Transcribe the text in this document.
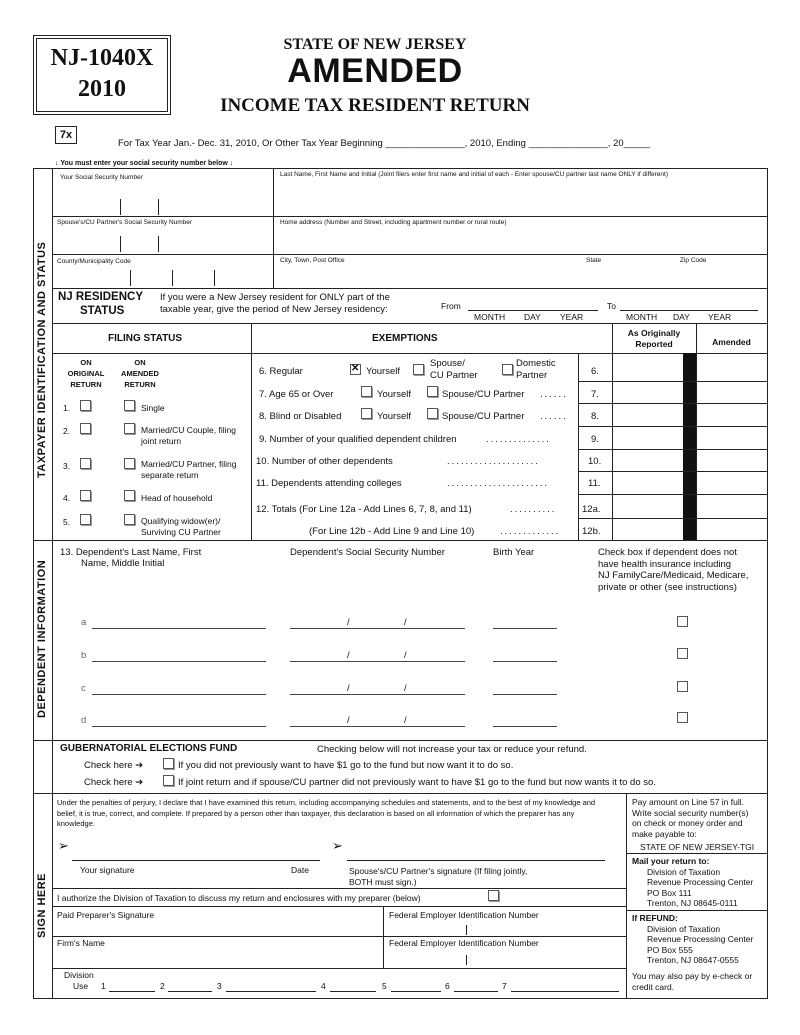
NJ-1040X
2010
STATE OF NEW JERSEY
AMENDED
INCOME TAX RESIDENT RETURN
7x
For Tax Year Jan.- Dec. 31, 2010, Or Other Tax Year Beginning _______________, 2010, Ending _______________, 20_____
↓ You must enter your social security number below ↓
TAXPAYER IDENTIFICATION AND STATUS
Your Social Security Number	Last Name, First Name and Initial (Joint filers enter first name and initial of each - Enter spouse/CU partner last name ONLY if different)
Spouse's/CU Partner's Social Security Number	Home address (Number and Street, including apartment number or rural route)
County/Municipality Code	City, Town, Post Office	State	Zip Code
NJ RESIDENCY
STATUS
If you were a New Jersey resident for ONLY part of the
taxable year, give the period of New Jersey residency:	From
MONTH DAY YEAR
To
MONTH DAY YEAR
FILING STATUS	EXEMPTIONS	As Originally
Reported	Amended
ON
ORIGINAL
RETURN
ON
AMENDED
RETURN
1.	Single
2.	Married/CU Couple, filing joint return
3.	Married/CU Partner, filing separate return
4.	Head of household
5.	Qualifying widow(er)/ Surviving CU Partner
6. Regular
✕	Yourself
Spouse/
CU Partner
Domestic
Partner	6.
7. Age 65 or Over	Yourself	Spouse/CU Partner ...... 7.
8. Blind or Disabled	Yourself	Spouse/CU Partner ...... 8.
9. Number of your qualified dependent children	..............	9.
10. Number of other dependents	....................	10.
11. Dependents attending colleges	......................	11.
12. Totals (For Line 12a - Add Lines 6, 7, 8, and 11)	..........	12a.
(For Line 12b - Add Line 9 and Line 10)	............. 12b.
DEPENDENT INFORMATION
13. Dependent's Last Name, First
Name, Middle Initial
Dependent's Social Security Number	Birth Year	Check box if dependent does not
have health insurance including
NJ FamilyCare/Medicaid, Medicare,
private or other (see instructions)
a	/	/
b	/	/
c	/	/
d	/	/
GUBERNATORIAL ELECTIONS FUND	Checking below will not increase your tax or reduce your refund.
Check here ➔	If you did not previously want to have $1 go to the fund but now want it to do so.
Check here ➔	If joint return and if spouse/CU partner did not previously want to have $1 go to the fund but now wants it to do so.
SIGN HERE
Under the penalties of perjury, I declare that I have examined this return, including accompanying schedules and statements, and to the best of my knowledge and belief, it is true, correct, and complete. If prepared by a person other than taxpayer, this declaration is based on all information of which the preparer has any knowledge.
➢	➢
Your signature	Date	Spouse's/CU Partner's signature (If filing jointly,
BOTH must sign.)
I authorize the Division of Taxation to discuss my return and enclosures with my preparer (below)
Paid Preparer's Signature	Federal Employer Identification Number
Firm's Name	Federal Employer Identification Number
Division
Use 1	2	3	4	5	6	7
Pay amount on Line 57 in full.
Write social security number(s)
on check or money order and
make payable to:
STATE OF NEW JERSEY-TGI
Mail your return to:
Division of Taxation
Revenue Processing Center
PO Box 111
Trenton, NJ 08645-0111
If REFUND:
Division of Taxation
Revenue Processing Center
PO Box 555
Trenton, NJ 08647-0555
You may also pay by e-check or
credit card.
